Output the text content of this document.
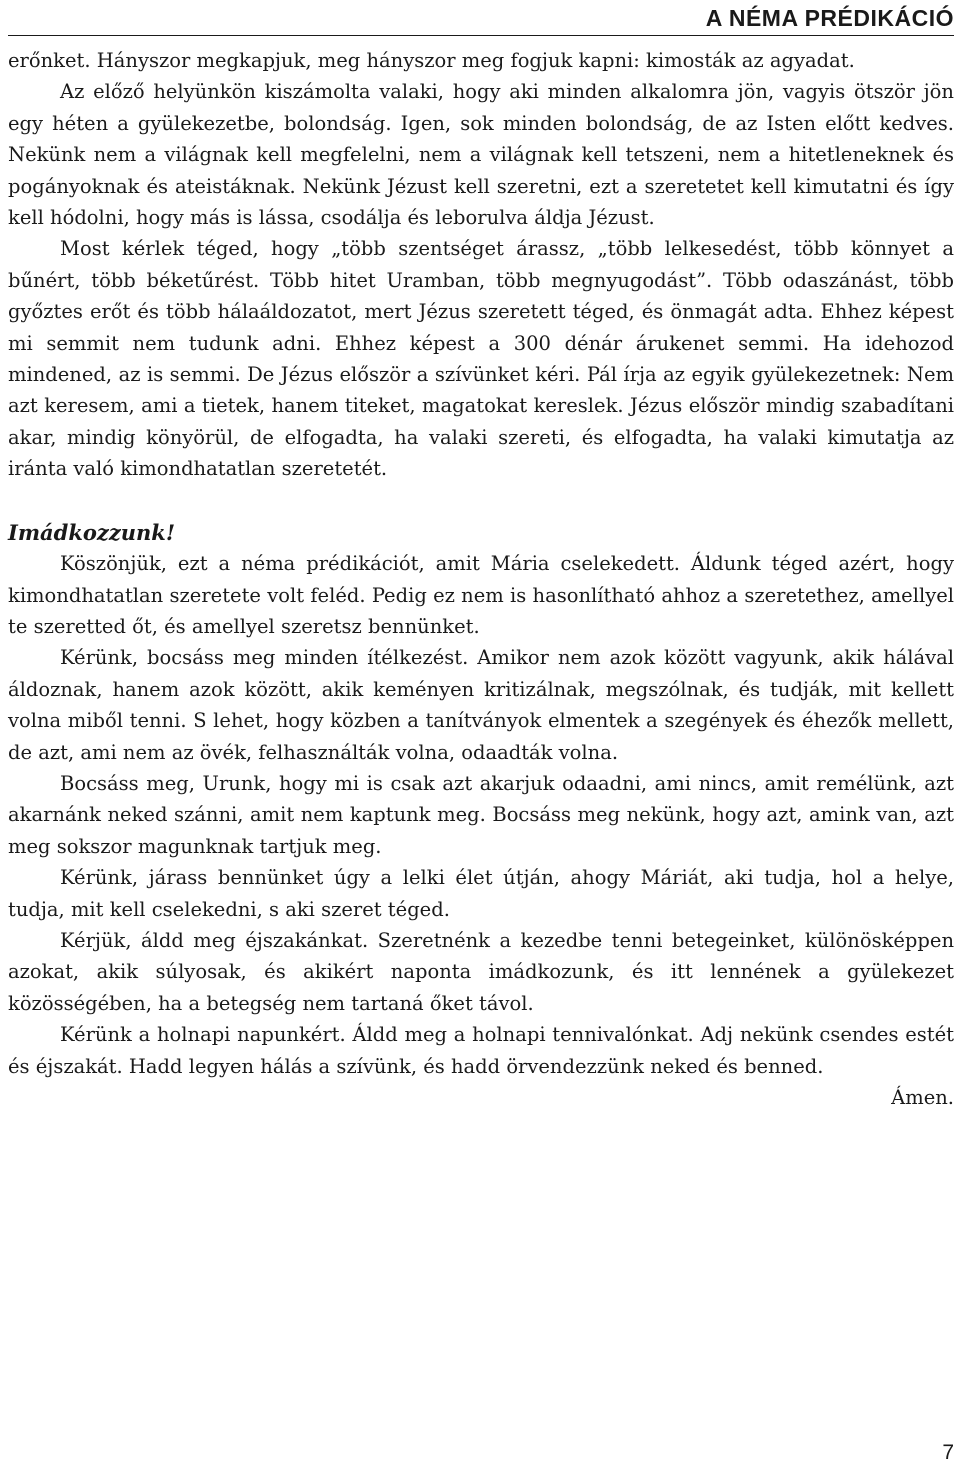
A NÉMA PRÉDIKÁCIÓ

erőnket. Hányszor megkapjuk, meg hányszor meg fogjuk kapni: kimosták az agyadat.

Az előző helyünkön kiszámolta valaki, hogy aki minden alkalomra jön, vagyis ötször jön egy héten a gyülekezetbe, bolondság. Igen, sok minden bolondság, de az Isten előtt kedves. Nekünk nem a világnak kell megfelelni, nem a világnak kell tetszeni, nem a hitetleneknek és pogányoknak és ateistáknak. Nekünk Jézust kell szeretni, ezt a szeretetet kell kimutatni és így kell hódolni, hogy más is lássa, csodálja és leborulva áldja Jézust.

Most kérlek téged, hogy „több szentséget árassz, „több lelkesedést, több könnyet a bűnért, több béketűrést. Több hitet Uramban, több megnyugodást”. Több odaszánást, több győztes erőt és több hálaáldozatot, mert Jézus szeretett téged, és önmagát adta. Ehhez képest mi semmit nem tudunk adni. Ehhez képest a 300 dénár árukenet semmi. Ha idehozod mindened, az is semmi. De Jézus először a szívünket kéri. Pál írja az egyik gyülekezetnek: Nem azt keresem, ami a tietek, hanem titeket, magatokat kereslek. Jézus először mindig szabadítani akar, mindig könyörül, de elfogadta, ha valaki szereti, és elfogadta, ha valaki kimutatja az iránta való kimondhatatlan szeretetét.

Imádkozzunk!

Köszönjük, ezt a néma prédikációt, amit Mária cselekedett. Áldunk téged azért, hogy kimondhatatlan szeretete volt feléd. Pedig ez nem is hasonlítható ahhoz a szeretethez, amellyel te szeretted őt, és amellyel szeretsz bennünket.

Kérünk, bocsáss meg minden ítélkezést. Amikor nem azok között vagyunk, akik hálával áldoznak, hanem azok között, akik keményen kritizálnak, megszólnak, és tudják, mit kellett volna miből tenni. S lehet, hogy közben a tanítványok elmentek a szegények és éhezők mellett, de azt, ami nem az övék, felhasználták volna, odaadták volna.

Bocsáss meg, Urunk, hogy mi is csak azt akarjuk odaadni, ami nincs, amit remélünk, azt akarnánk neked szánni, amit nem kaptunk meg. Bocsáss meg nekünk, hogy azt, amink van, azt meg sokszor magunknak tartjuk meg.

Kérünk, járass bennünket úgy a lelki élet útján, ahogy Máriát, aki tudja, hol a helye, tudja, mit kell cselekedni, s aki szeret téged.

Kérjük, áldd meg éjszakánkat. Szeretnénk a kezedbe tenni betegeinket, különösképpen azokat, akik súlyosak, és akikért naponta imádkozunk, és itt lennének a gyülekezet közösségében, ha a betegség nem tartaná őket távol.

Kérünk a holnapi napunkért. Áldd meg a holnapi tennivalónkat. Adj nekünk csendes estét és éjszakát. Hadd legyen hálás a szívünk, és hadd örvendezzünk neked és benned.

Ámen.

7
